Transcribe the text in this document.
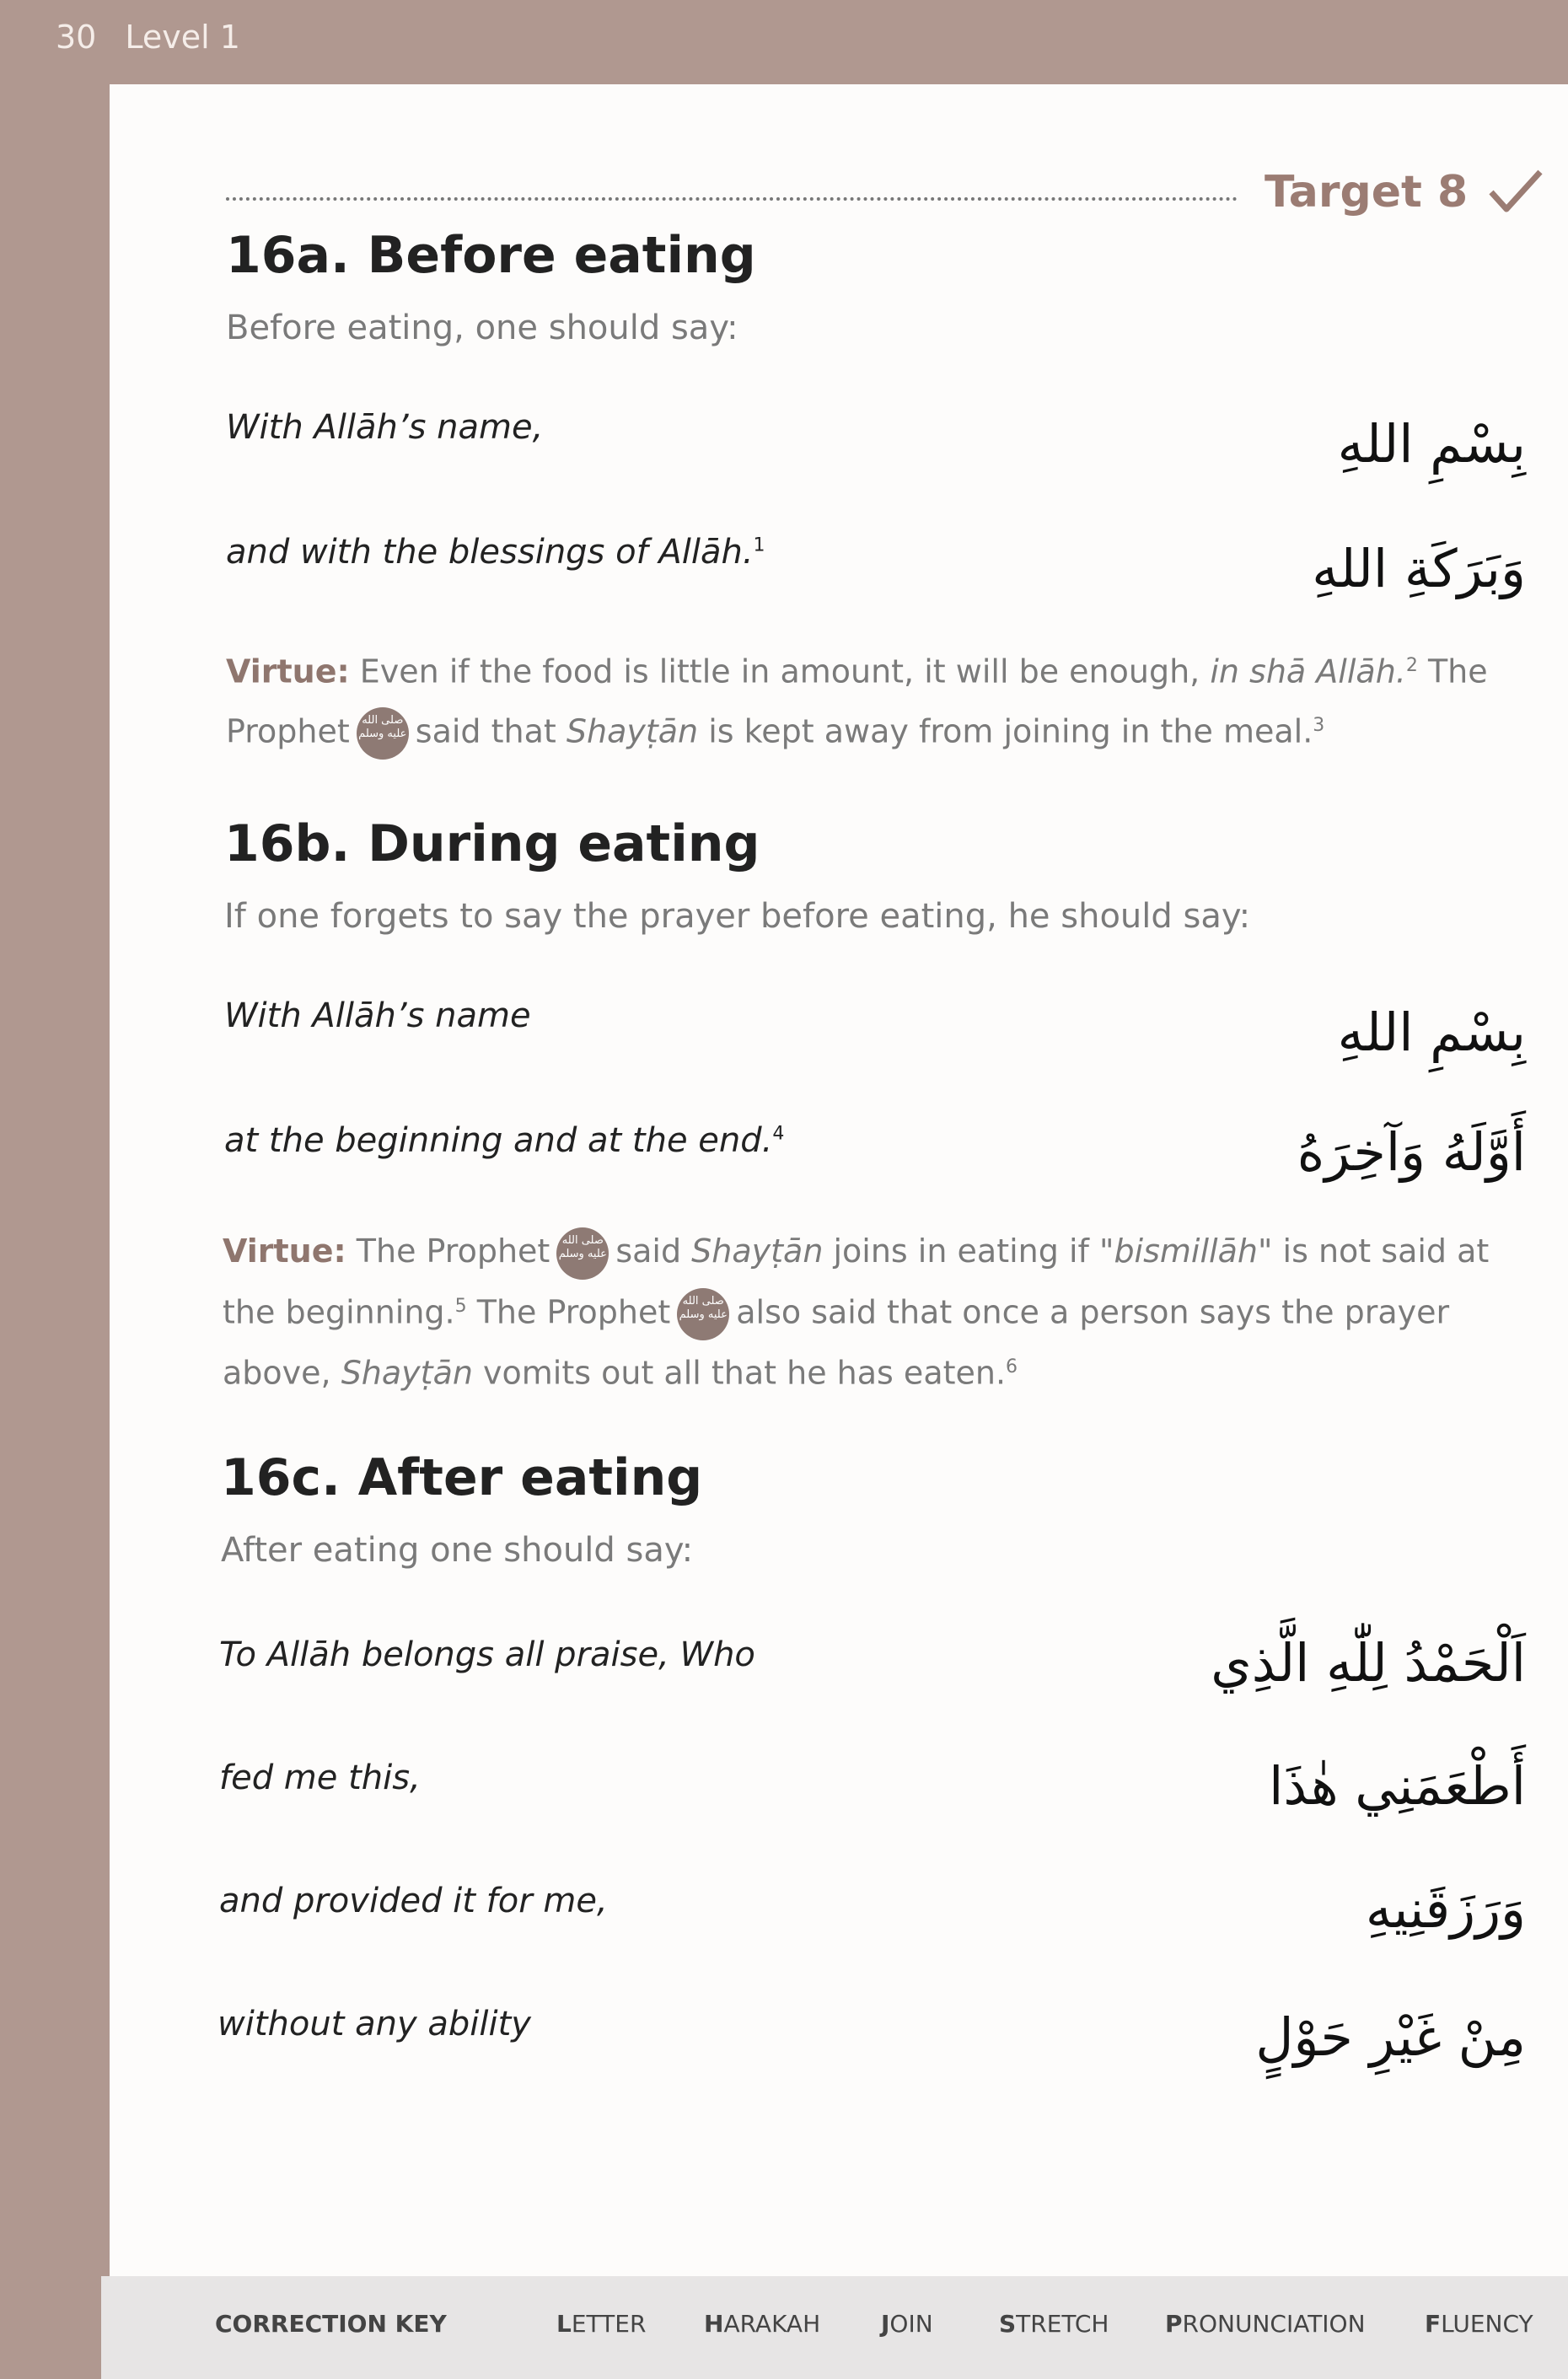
30 Level 1
Target 8
16a. Before eating
Before eating, one should say:
With Allāh’s name,	بِسْمِ اللهِ
and with the blessings of Allāh.$^1$	وَبَرَكَةِ اللهِ
Virtue: Even if the food is little in amount, it will be enough, in shā Allāh.$^2$ The Prophet صلى الله عليه وسلم said that Shayṭān is kept away from joining in the meal.$^3$
16b. During eating
If one forgets to say the prayer before eating, he should say:
With Allāh’s name	بِسْمِ اللهِ
at the beginning and at the end.$^4$	أَوَّلَهُ وَآخِرَهُ
Virtue: The Prophet صلى الله عليه وسلم said Shayṭān joins in eating if "bismillāh" is not said at the beginning.$^5$ The Prophet صلى الله عليه وسلم also said that once a person says the prayer above, Shayṭān vomits out all that he has eaten.$^6$
16c. After eating
After eating one should say:
To Allāh belongs all praise, Who	اَلْحَمْدُ لِلّٰهِ الَّذِي
fed me this,	أَطْعَمَنِي هٰذَا
and provided it for me,	وَرَزَقَنِيهِ
without any ability	مِنْ غَيْرِ حَوْلٍ
CORRECTION KEY	LETTER HARAKAH	JOIN	STRETCH PRONUNCIATION	FLUENCY
